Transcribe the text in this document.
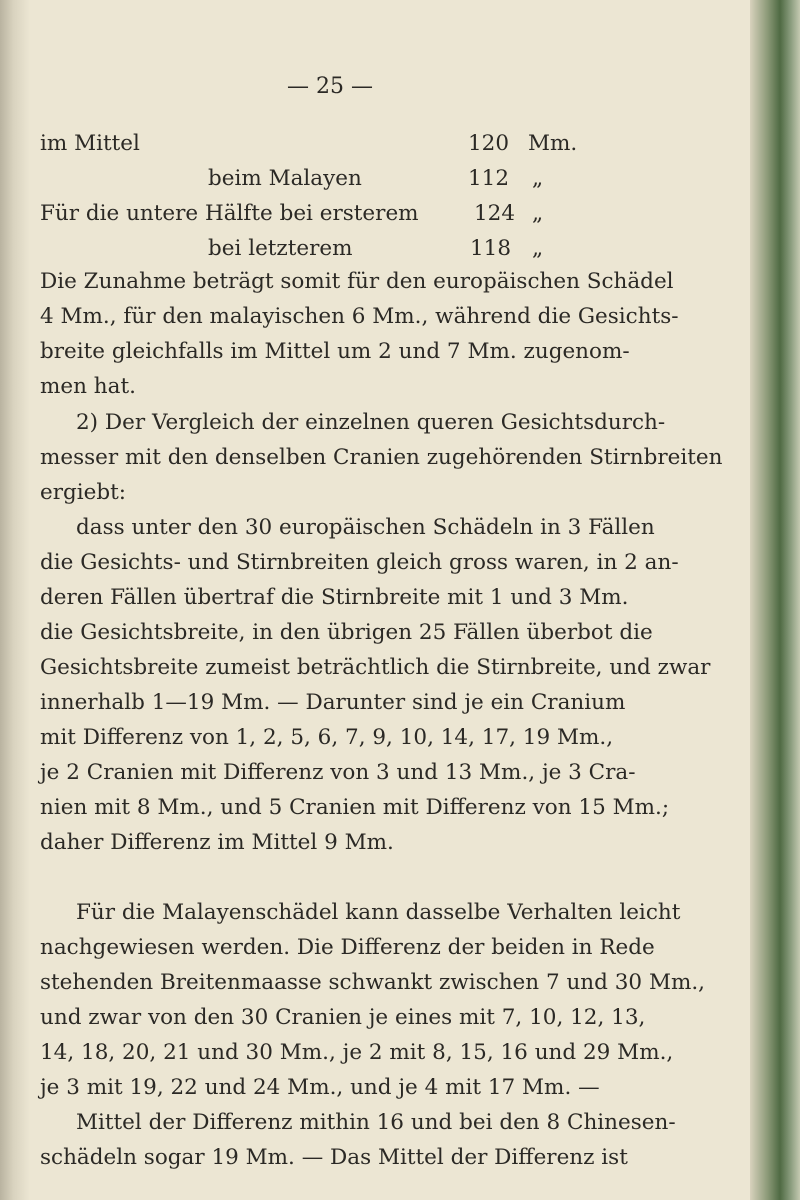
— 25 —
im Mittel	120 Mm.
beim Malayen	112 „
Für die untere Hälfte bei ersterem	124 „
bei letzterem	118 „
Die Zunahme beträgt somit für den europäischen Schädel
4 Mm., für den malayischen 6 Mm., während die Gesichts-
breite gleichfalls im Mittel um 2 und 7 Mm. zugenom-
men hat.
2) Der Vergleich der einzelnen queren Gesichtsdurch-
messer mit den denselben Cranien zugehörenden Stirnbreiten
ergiebt:
dass unter den 30 europäischen Schädeln in 3 Fällen
die Gesichts- und Stirnbreiten gleich gross waren, in 2 an-
deren Fällen übertraf die Stirnbreite mit 1 und 3 Mm.
die Gesichtsbreite, in den übrigen 25 Fällen überbot die
Gesichtsbreite zumeist beträchtlich die Stirnbreite, und zwar
innerhalb 1—19 Mm. — Darunter sind je ein Cranium
mit Differenz von 1, 2, 5, 6, 7, 9, 10, 14, 17, 19 Mm.,
je 2 Cranien mit Differenz von 3 und 13 Mm., je 3 Cra-
nien mit 8 Mm., und 5 Cranien mit Differenz von 15 Mm.;
daher Differenz im Mittel 9 Mm.
Für die Malayenschädel kann dasselbe Verhalten leicht
nachgewiesen werden. Die Differenz der beiden in Rede
stehenden Breitenmaasse schwankt zwischen 7 und 30 Mm.,
und zwar von den 30 Cranien je eines mit 7, 10, 12, 13,
14, 18, 20, 21 und 30 Mm., je 2 mit 8, 15, 16 und 29 Mm.,
je 3 mit 19, 22 und 24 Mm., und je 4 mit 17 Mm. —
Mittel der Differenz mithin 16 und bei den 8 Chinesen-
schädeln sogar 19 Mm. — Das Mittel der Differenz ist
